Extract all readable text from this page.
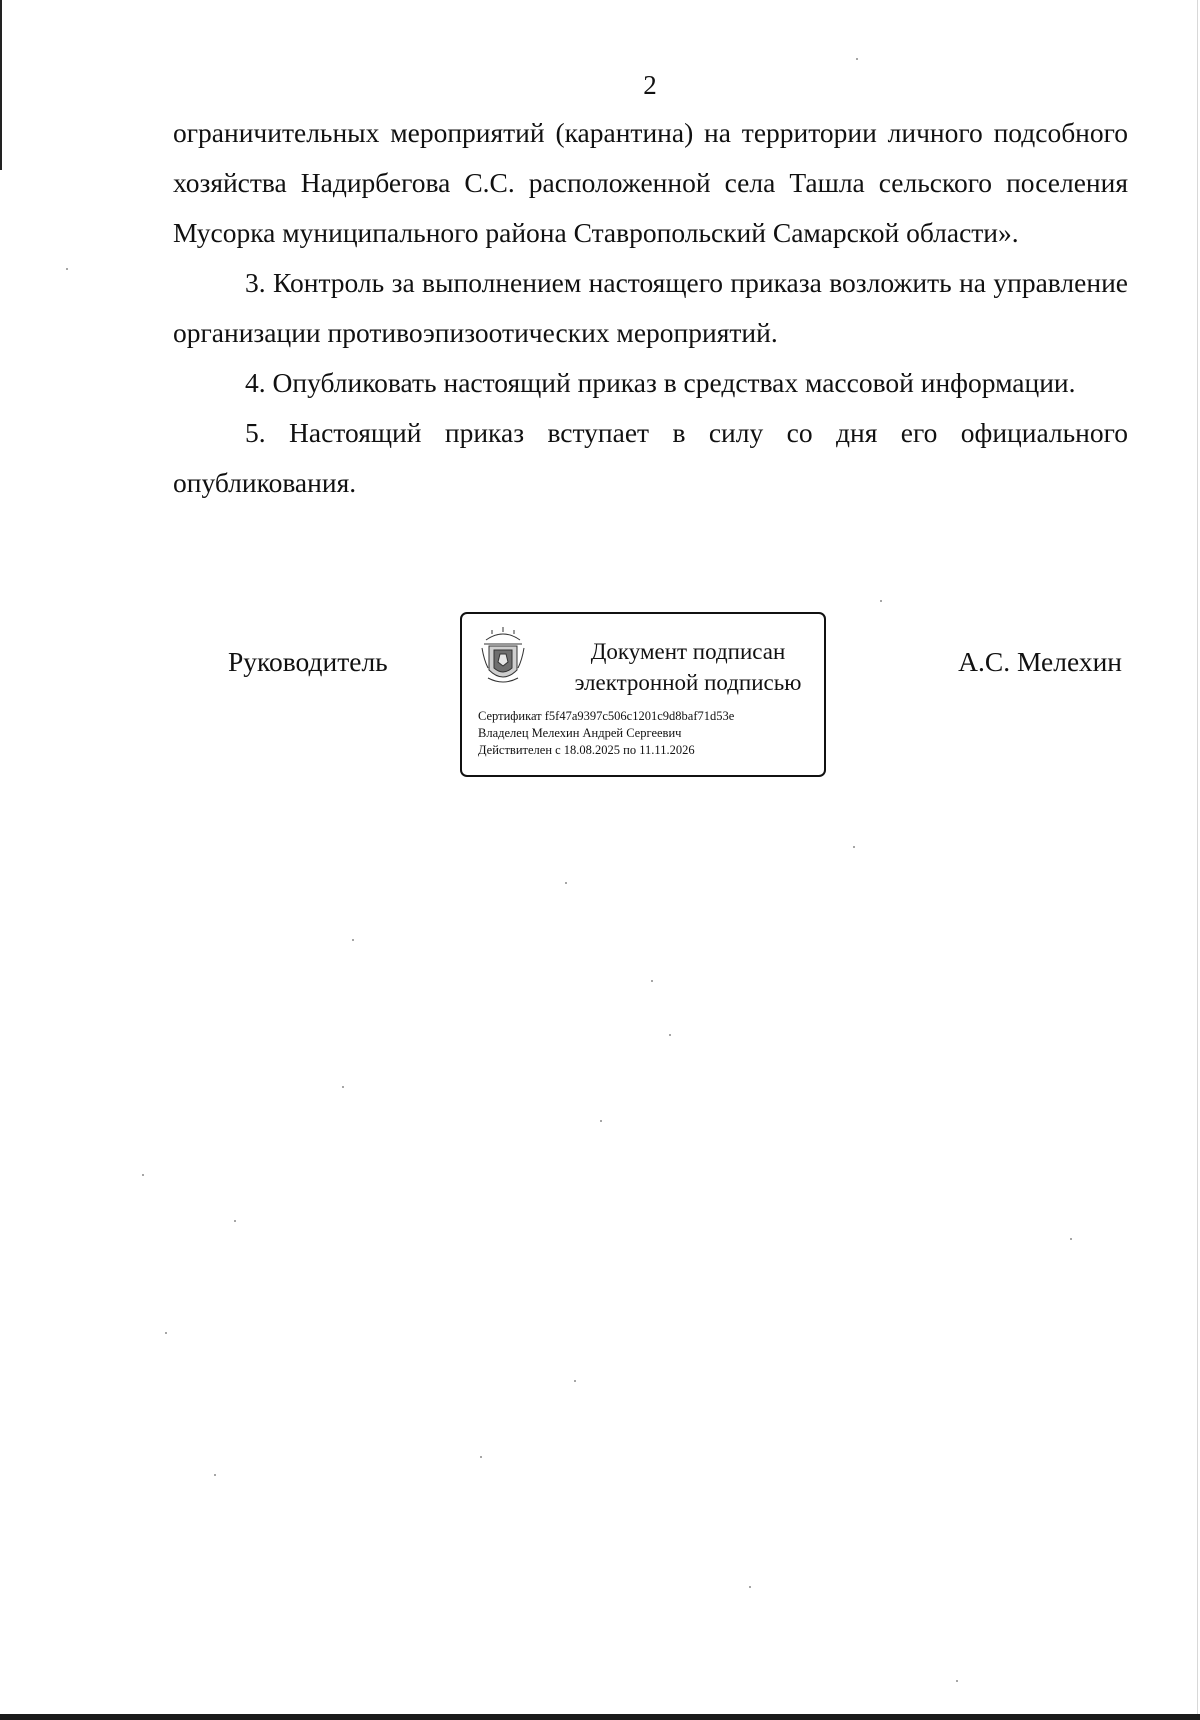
2

ограничительных мероприятий (карантина) на территории личного подсобного хозяйства Надирбегова С.С. расположенной села Ташла сельского поселения Мусорка муниципального района Ставропольский Самарской области».

3. Контроль за выполнением настоящего приказа возложить на управление организации противоэпизоотических мероприятий.

4. Опубликовать настоящий приказ в средствах массовой информации.

5. Настоящий приказ вступает в силу со дня его официального опубликования.

Руководитель	Документ подписан
электронной подписью
Сертификат f5f47a9397c506c1201c9d8baf71d53e
Владелец Мелехин Андрей Сергеевич
Действителен с 18.08.2025 по 11.11.2026
А.С. Мелехин
